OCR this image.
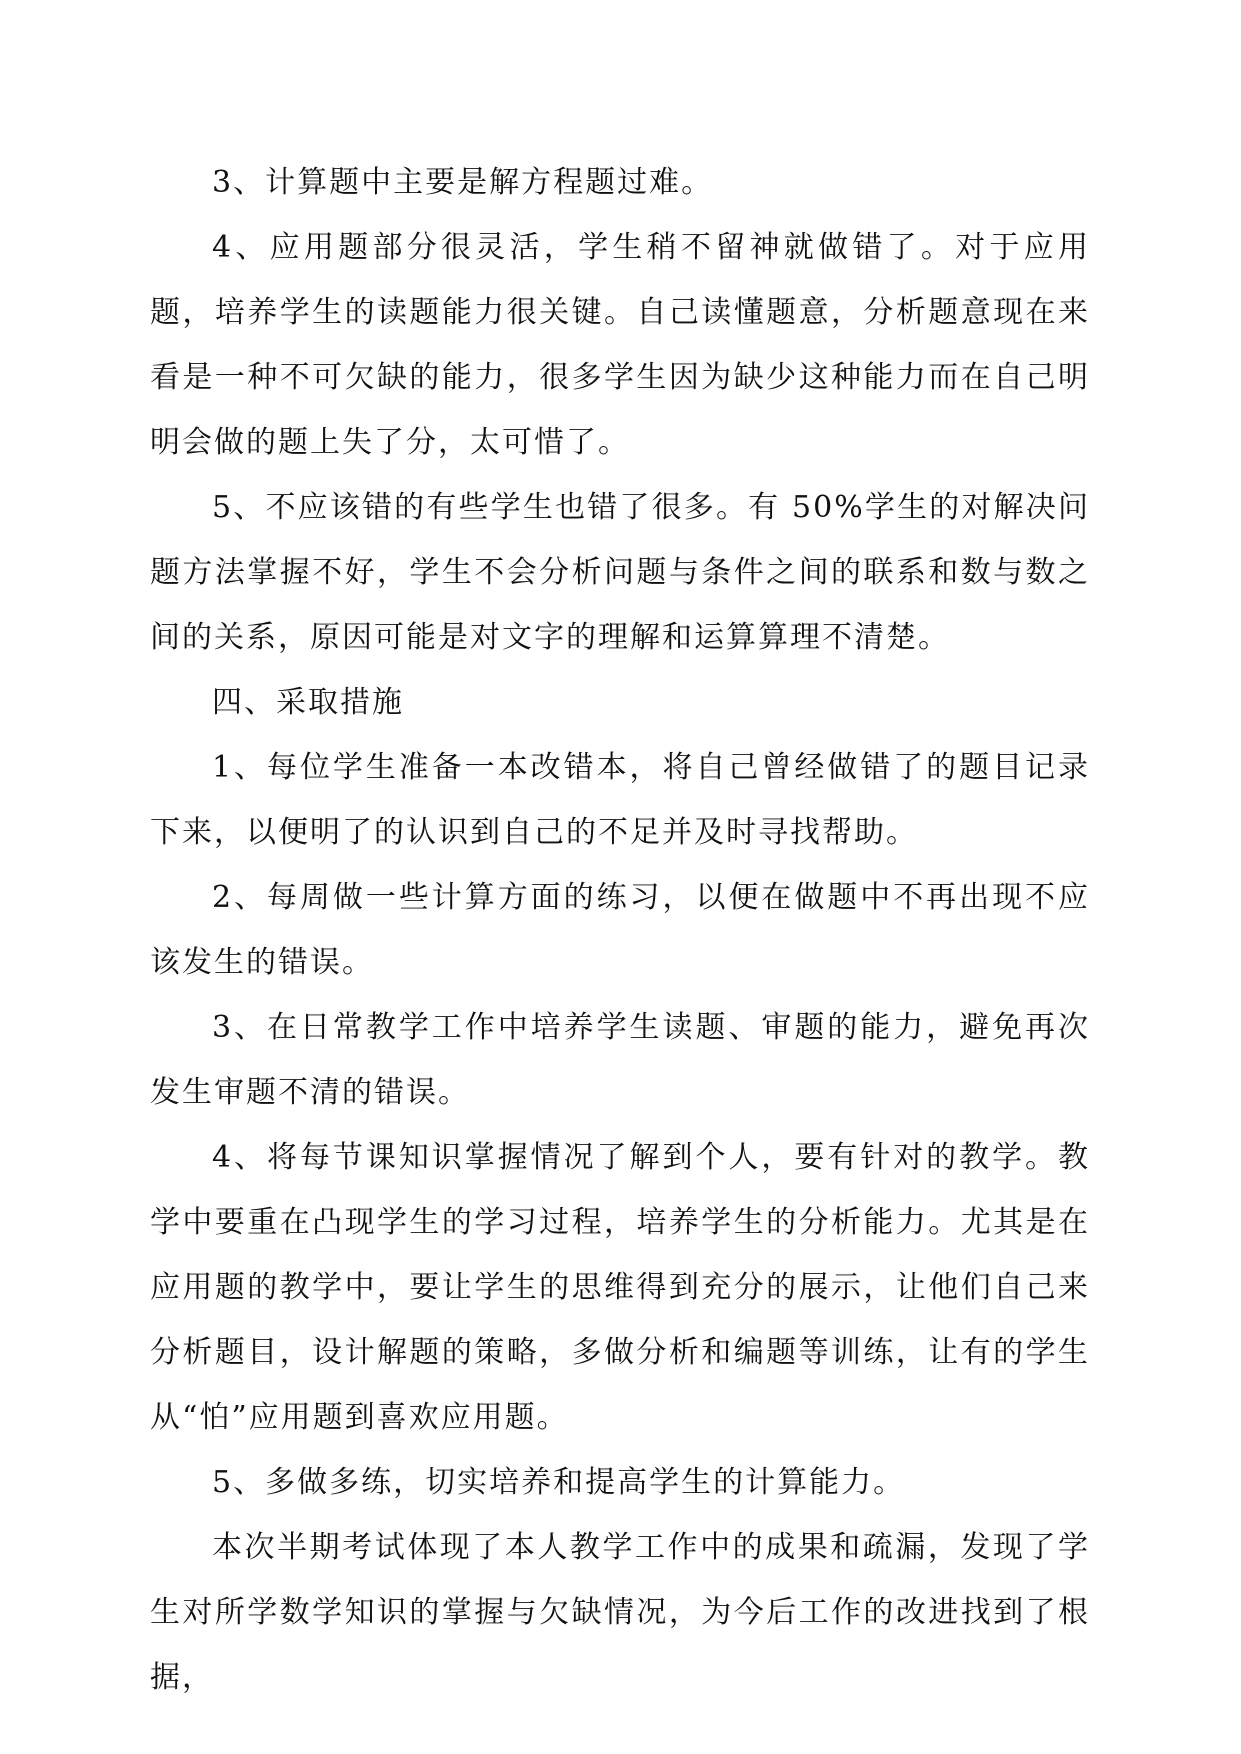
3、计算题中主要是解方程题过难。

4、应用题部分很灵活，学生稍不留神就做错了。对于应用题，培养学生的读题能力很关键。自己读懂题意，分析题意现在来看是一种不可欠缺的能力，很多学生因为缺少这种能力而在自己明明会做的题上失了分，太可惜了。

5、不应该错的有些学生也错了很多。有 50%学生的对解决问题方法掌握不好，学生不会分析问题与条件之间的联系和数与数之间的关系，原因可能是对文字的理解和运算算理不清楚。

四、采取措施

1、每位学生准备一本改错本，将自己曾经做错了的题目记录下来，以便明了的认识到自己的不足并及时寻找帮助。

2、每周做一些计算方面的练习，以便在做题中不再出现不应该发生的错误。

3、在日常教学工作中培养学生读题、审题的能力，避免再次发生审题不清的错误。

4、将每节课知识掌握情况了解到个人，要有针对的教学。教学中要重在凸现学生的学习过程，培养学生的分析能力。尤其是在应用题的教学中，要让学生的思维得到充分的展示，让他们自己来分析题目，设计解题的策略，多做分析和编题等训练，让有的学生从“怕”应用题到喜欢应用题。

5、多做多练，切实培养和提高学生的计算能力。

本次半期考试体现了本人教学工作中的成果和疏漏，发现了学生对所学数学知识的掌握与欠缺情况，为今后工作的改进找到了根据，
